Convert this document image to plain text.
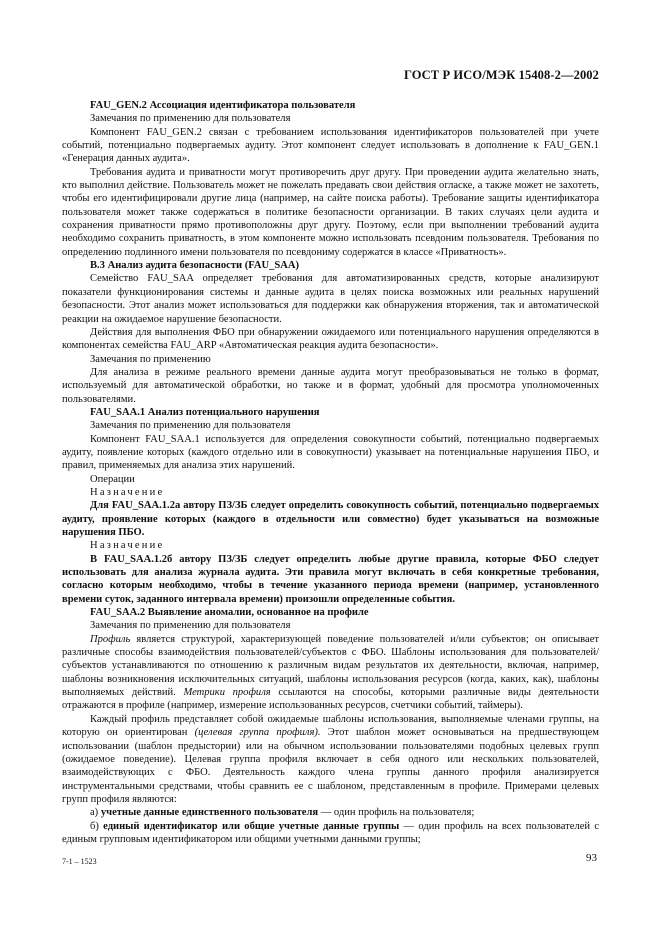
ГОСТ Р ИСО/МЭК 15408-2—2002

FAU_GEN.2 Ассоциация идентификатора пользователя

Замечания по применению для пользователя

Компонент FAU_GEN.2 связан с требованием использования идентификаторов пользователей при учете событий, потенциально подвергаемых аудиту. Этот компонент следует использовать в дополнение к FAU_GEN.1 «Генерация данных аудита».

Требования аудита и приватности могут противоречить друг другу. При проведении аудита желательно знать, кто выполнил действие. Пользователь может не пожелать предавать свои действия огласке, а также может не захотеть, чтобы его идентифицировали другие лица (например, на сайте поиска работы). Требование защиты идентификатора пользователя может также содержаться в политике безопасности организации. В таких случаях цели аудита и сохранения приватности прямо противоположны друг другу. Поэтому, если при выполнении требований аудита необходимо сохранить приватность, в этом компоненте можно использовать псевдоним пользователя. Требования по определению подлинного имени пользователя по псевдониму содержатся в классе «Приватность».

В.3 Анализ аудита безопасности (FAU_SAA)

Семейство FAU_SAA определяет требования для автоматизированных средств, которые анализируют показатели функционирования системы и данные аудита в целях поиска возможных или реальных нарушений безопасности. Этот анализ может использоваться для поддержки как обнаружения вторжения, так и автоматической реакции на ожидаемое нарушение безопасности.

Действия для выполнения ФБО при обнаружении ожидаемого или потенциального нарушения определяются в компонентах семейства FAU_ARP «Автоматическая реакция аудита безопасности».

Замечания по применению

Для анализа в режиме реального времени данные аудита могут преобразовываться не только в формат, используемый для автоматической обработки, но также и в формат, удобный для просмотра уполномоченных пользователями.

FAU_SAA.1 Анализ потенциального нарушения

Замечания по применению для пользователя

Компонент FAU_SAA.1 используется для определения совокупности событий, потенциально подвергаемых аудиту, появление которых (каждого отдельно или в совокупности) указывает на потенциальные нарушения ПБО, и правил, применяемых для анализа этих нарушений.

Операции

Назначение

Для FAU_SAA.1.2а автору ПЗ/ЗБ следует определить совокупность событий, потенциально подвергаемых аудиту, проявление которых (каждого в отдельности или совместно) будет указываться на возможные нарушения ПБО.

Назначение

В FAU_SAA.1.2б автору ПЗ/ЗБ следует определить любые другие правила, которые ФБО следует использовать для анализа журнала аудита. Эти правила могут включать в себя конкретные требования, согласно которым необходимо, чтобы в течение указанного периода времени (например, установленного времени суток, заданного интервала времени) произошли определенные события.

FAU_SAA.2 Выявление аномалии, основанное на профиле

Замечания по применению для пользователя

Профиль является структурой, характеризующей поведение пользователей и/или субъектов; он описывает различные способы взаимодействия пользователей/субъектов с ФБО. Шаблоны использования для пользователей/субъектов устанавливаются по отношению к различным видам результатов их деятельности, включая, например, шаблоны возникновения исключительных ситуаций, шаблоны использования ресурсов (когда, каких, как), шаблоны выполняемых действий. Метрики профиля ссылаются на способы, которыми различные виды деятельности отражаются в профиле (например, измерение использованных ресурсов, счетчики событий, таймеры).

Каждый профиль представляет собой ожидаемые шаблоны использования, выполняемые членами группы, на которую он ориентирован (целевая группа профиля). Этот шаблон может основываться на предшествующем использовании (шаблон предыстории) или на обычном использовании пользователями подобных целевых групп (ожидаемое поведение). Целевая группа профиля включает в себя одного или нескольких пользователей, взаимодействующих с ФБО. Деятельность каждого члена группы данного профиля анализируется инструментальными средствами, чтобы сравнить ее с шаблоном, представленным в профиле. Примерами целевых групп профиля являются:

а) учетные данные единственного пользователя — один профиль на пользователя;

б) единый идентификатор или общие учетные данные группы — один профиль на всех пользователей с единым групповым идентификатором или общими учетными данными группы;

7-1 – 1523	93
